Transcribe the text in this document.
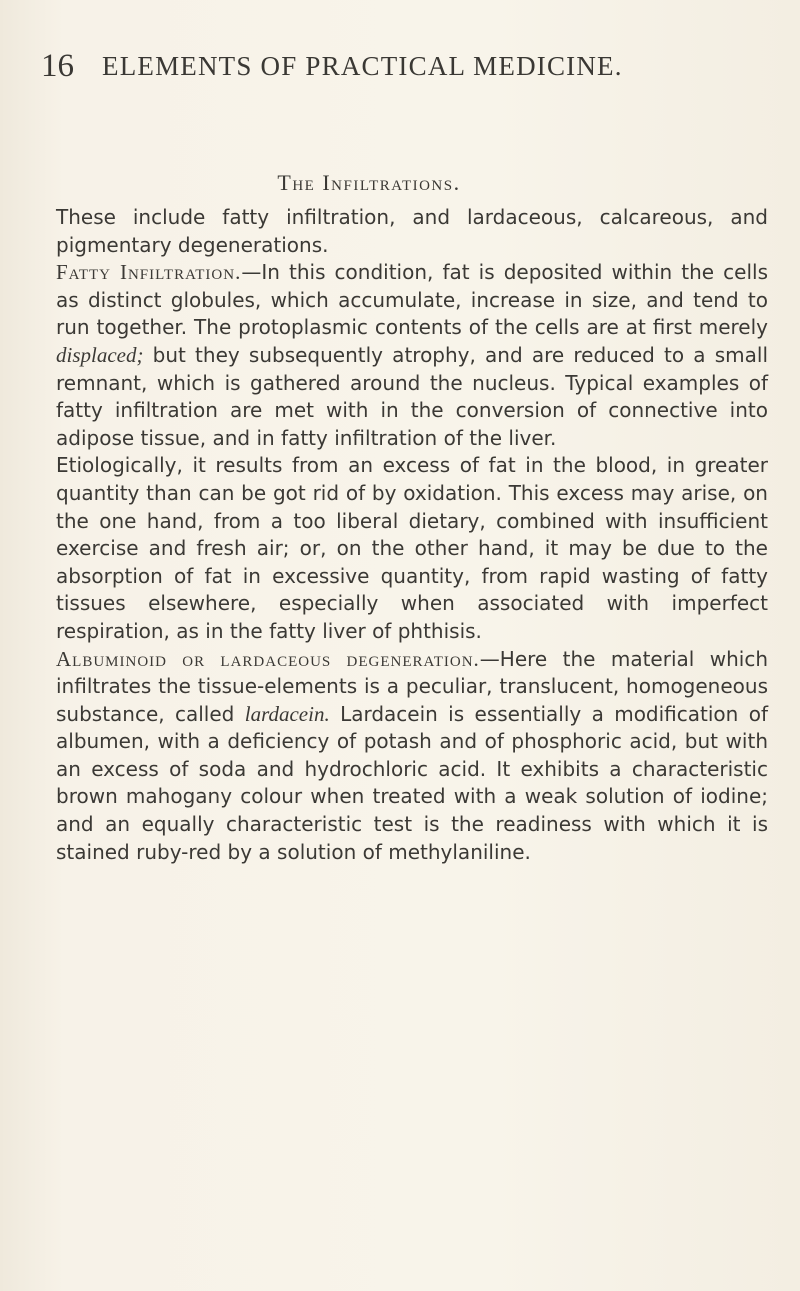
16 ELEMENTS OF PRACTICAL MEDICINE.
The Infiltrations.

These include fatty infiltration, and lardaceous, calcareous, and pigmentary degenerations.

Fatty Infiltration.—In this condition, fat is deposited within the cells as distinct globules, which accumulate, increase in size, and tend to run together. The protoplasmic contents of the cells are at first merely displaced; but they subsequently atrophy, and are reduced to a small remnant, which is gathered around the nucleus. Typical examples of fatty infiltration are met with in the conversion of connective into adipose tissue, and in fatty infiltration of the liver.

Etiologically, it results from an excess of fat in the blood, in greater quantity than can be got rid of by oxidation. This excess may arise, on the one hand, from a too liberal dietary, combined with insufficient exercise and fresh air; or, on the other hand, it may be due to the absorption of fat in excessive quantity, from rapid wasting of fatty tissues elsewhere, especially when associated with imperfect respiration, as in the fatty liver of phthisis.

Albuminoid or lardaceous degeneration.—Here the material which infiltrates the tissue-elements is a peculiar, translucent, homogeneous substance, called lardacein. Lardacein is essentially a modification of albumen, with a deficiency of potash and of phosphoric acid, but with an excess of soda and hydrochloric acid. It exhibits a characteristic brown mahogany colour when treated with a weak solution of iodine; and an equally characteristic test is the readiness with which it is stained ruby-red by a solution of methylaniline.
